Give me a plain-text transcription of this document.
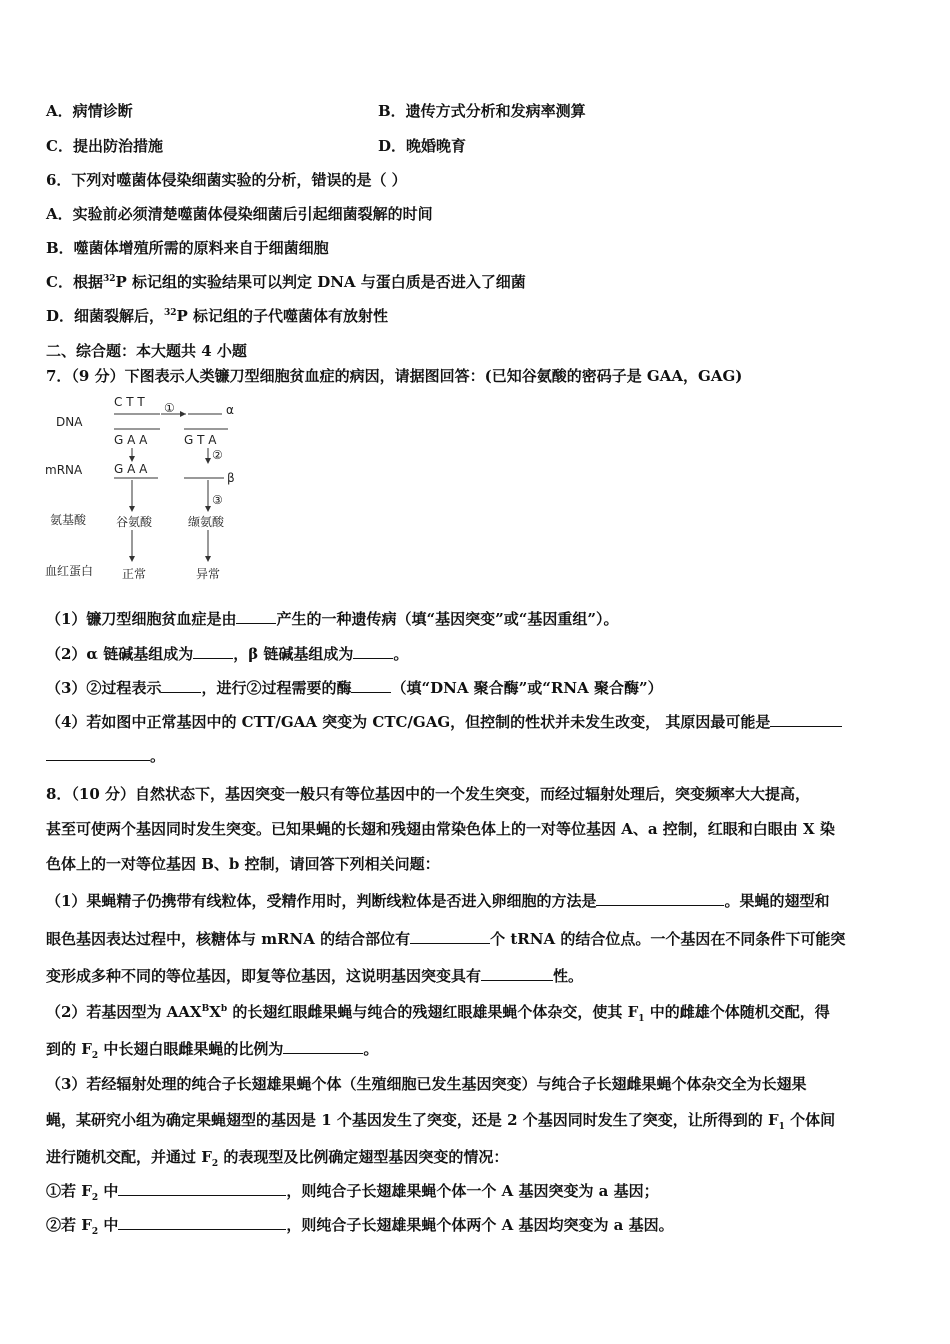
A．病情诊断	B．遗传方式分析和发病率测算
C．提出防治措施	D．晚婚晚育
6．下列对噬菌体侵染细菌实验的分析，错误的是（ ）
A．实验前必须清楚噬菌体侵染细菌后引起细菌裂解的时间
B．噬菌体增殖所需的原料来自于细菌细胞
C．根据$^{32}$P 标记组的实验结果可以判定 DNA 与蛋白质是否进入了细菌
D．细菌裂解后，$^{32}$P 标记组的子代噬菌体有放射性
二、综合题：本大题共 4 小题
7．（9 分）下图表示人类镰刀型细胞贫血症的病因，请据图回答：(已知谷氨酸的密码子是 GAA，GAG)
DNA
mRNA
氨基酸
血红蛋白
C T T
G A A
①	α
G T A
G A A
②
β
谷氨酸
③
缬氨酸
正常	异常
（1）镰刀型细胞贫血症是由	产生的一种遗传病（填“基因突变”或“基因重组”）。
（2）α 链碱基组成为	，β 链碱基组成为	。
（3）②过程表示	，进行②过程需要的酶	（填“DNA 聚合酶”或“RNA 聚合酶”）
（4）若如图中正常基因中的 CTT/GAA 突变为 CTC/GAG，但控制的性状并未发生改变， 其原因最可能是
。
8．（10 分）自然状态下，基因突变一般只有等位基因中的一个发生突变，而经过辐射处理后，突变频率大大提高，
甚至可使两个基因同时发生突变。已知果蝇的长翅和残翅由常染色体上的一对等位基因 A、a 控制，红眼和白眼由 X 染
色体上的一对等位基因 B、b 控制，请回答下列相关问题：
（1）果蝇精子仍携带有线粒体，受精作用时，判断线粒体是否进入卵细胞的方法是	。果蝇的翅型和
眼色基因表达过程中，核糖体与 mRNA 的结合部位有	个 tRNA 的结合位点。一个基因在不同条件下可能突
变形成多种不同的等位基因，即复等位基因，这说明基因突变具有	性。
（2）若基因型为 $AAX^BX^b$ 的长翅红眼雌果蝇与纯合的残翅红眼雄果蝇个体杂交，使其 $F_1$ 中的雌雄个体随机交配，得
到的 $F_2$ 中长翅白眼雌果蝇的比例为	。
（3）若经辐射处理的纯合子长翅雄果蝇个体（生殖细胞已发生基因突变）与纯合子长翅雌果蝇个体杂交全为长翅果
蝇，某研究小组为确定果蝇翅型的基因是 1 个基因发生了突变，还是 2 个基因同时发生了突变，让所得到的 $F_1$ 个体间
进行随机交配，并通过 $F_2$ 的表现型及比例确定翅型基因突变的情况：
①若 $F_2$ 中	，则纯合子长翅雄果蝇个体一个 A 基因突变为 a 基因；
②若 $F_2$ 中	，则纯合子长翅雄果蝇个体两个 A 基因均突变为 a 基因。
